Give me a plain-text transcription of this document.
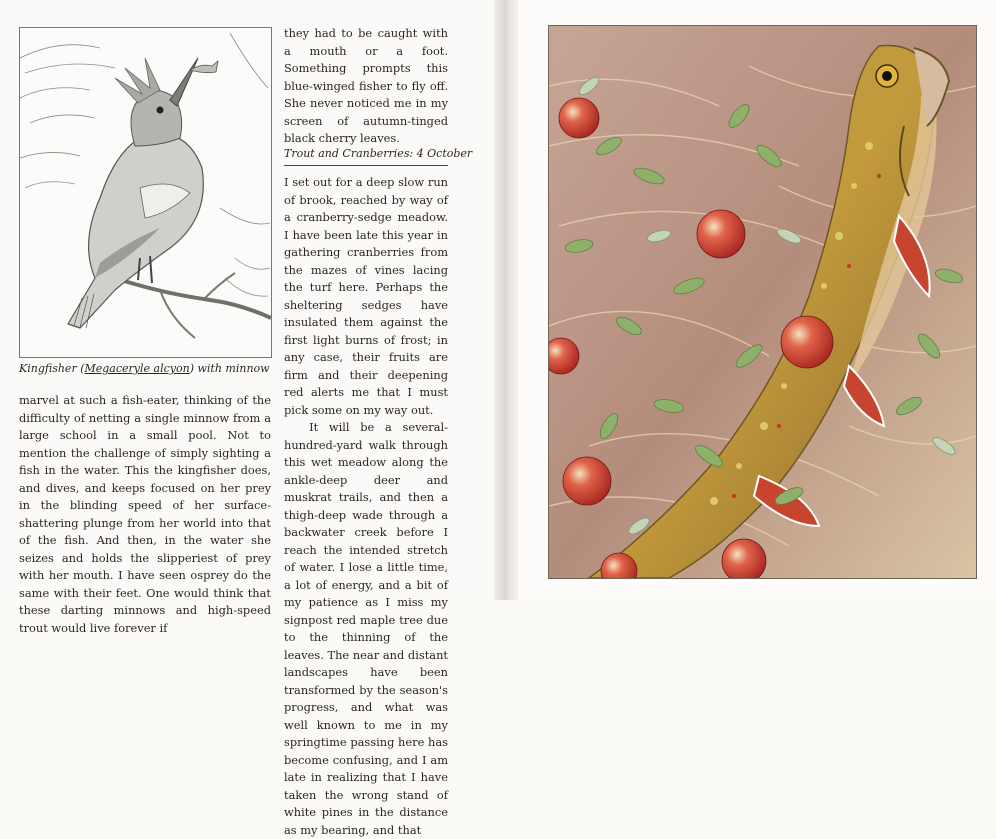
Kingfisher (Megaceryle alcyon) with minnow

they had to be caught with a mouth or a foot. Something prompts this blue-winged fisher to fly off. She never noticed me in my screen of autumn-tinged black cherry leaves.

Trout and Cranberries: 4 October

I set out for a deep slow run of brook, reached by way of a cranberry-sedge meadow. I have been late this year in gathering cranberries from the mazes of vines lacing the turf here. Perhaps the sheltering sedges have insulated them against the first light burns of frost; in any case, their fruits are firm and their deepening red alerts me that I must pick some on my way out.

It will be a several-hundred-yard walk through this wet meadow along the ankle-deep deer and muskrat trails, and then a thigh-deep wade through a backwater creek before I reach the intended stretch of water. I lose a little time, a lot of energy, and a bit of my patience as I miss my signpost red maple tree due to the thinning of the leaves. The near and distant landscapes have been transformed by the season's progress, and what was well known to me in my springtime passing here has become confusing, and I am late in realizing that I have taken the wrong stand of white pines in the distance as my bearing, and that

marvel at such a fish-eater, thinking of the difficulty of netting a single minnow from a large school in a small pool. Not to mention the challenge of simply sighting a fish in the water. This the kingfisher does, and dives, and keeps focused on her prey in the blinding speed of her surface-shattering plunge from her world into that of the fish. And then, in the water she seizes and holds the slipperiest of prey with her mouth. I have seen osprey do the same with their feet. One would think that these darting minnows and high-speed trout would live forever if
